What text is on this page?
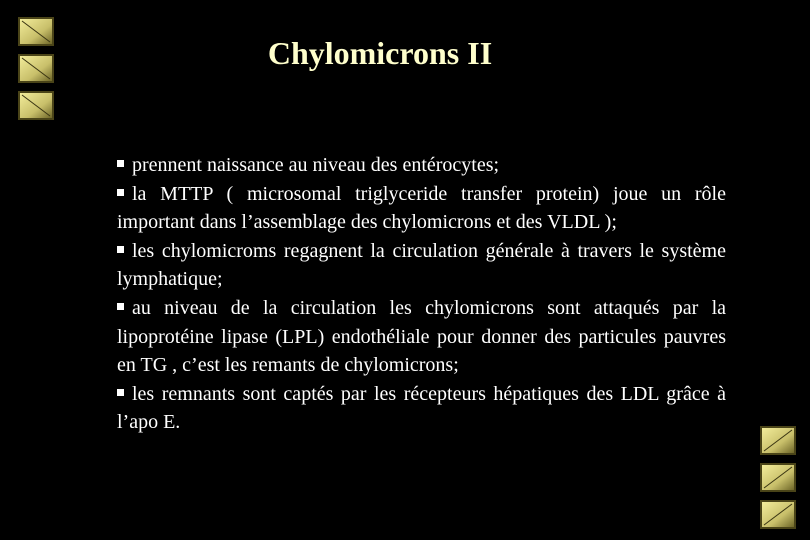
Chylomicrons II

prennent naissance au niveau des entérocytes;

la MTTP ( microsomal triglyceride transfer protein) joue un rôle important dans l’assemblage des chylomicrons et des VLDL );

les chylomicroms regagnent la circulation générale à travers le système lymphatique;

au niveau de la circulation les chylomicrons sont attaqués par la lipoprotéine lipase (LPL) endothéliale pour donner des particules pauvres en TG , c’est les remants de chylomicrons;

les remnants sont captés par les récepteurs hépatiques des LDL grâce à l’apo E.
